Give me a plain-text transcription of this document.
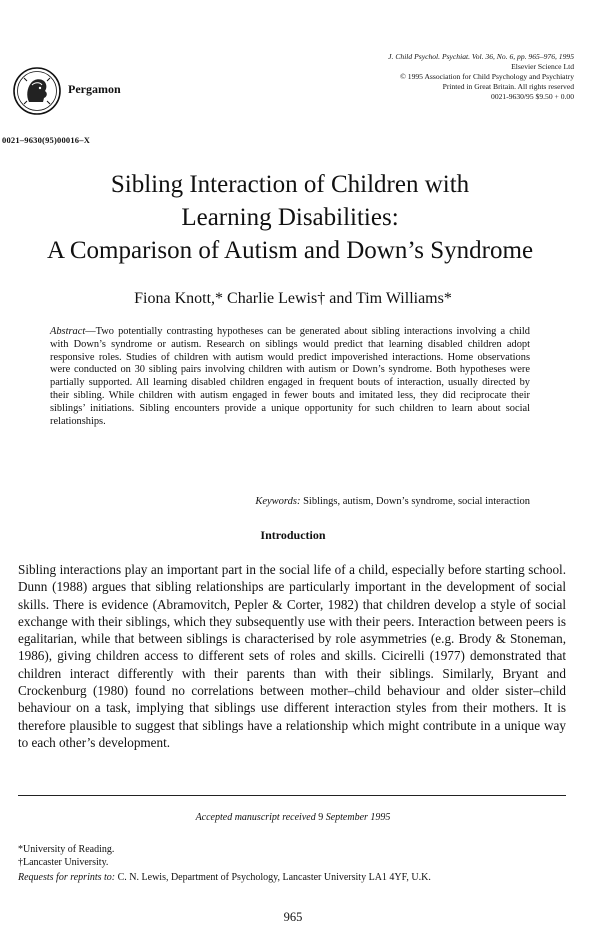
Pergamon
J. Child Psychol. Psychiat. Vol. 36, No. 6, pp. 965–976, 1995
Elsevier Science Ltd
© 1995 Association for Child Psychology and Psychiatry
Printed in Great Britain. All rights reserved
0021-9630/95 $9.50 + 0.00
0021–9630(95)00016–X
Sibling Interaction of Children with
Learning Disabilities:
A Comparison of Autism and Down’s Syndrome
Fiona Knott,* Charlie Lewis† and Tim Williams*
Abstract—Two potentially contrasting hypotheses can be generated about sibling interactions involving a child with Down’s syndrome or autism. Research on siblings would predict that learning disabled children adopt responsive roles. Studies of children with autism would predict impoverished interactions. Home observations were conducted on 30 sibling pairs involving children with autism or Down’s syndrome. Both hypotheses were partially supported. All learning disabled children engaged in frequent bouts of interaction, usually directed by their sibling. While children with autism engaged in fewer bouts and imitated less, they did reciprocate their siblings’ initiations. Sibling encounters provide a unique opportunity for such children to learn about social relationships.
Keywords: Siblings, autism, Down’s syndrome, social interaction
Introduction
Sibling interactions play an important part in the social life of a child, especially before starting school. Dunn (1988) argues that sibling relationships are particularly important in the development of social skills. There is evidence (Abramovitch, Pepler & Corter, 1982) that children develop a style of social exchange with their siblings, which they subsequently use with their peers. Interaction between peers is egalitarian, while that between siblings is characterised by role asymmetries (e.g. Brody & Stoneman, 1986), giving children access to different sets of roles and skills. Cicirelli (1977) demonstrated that children interact differently with their parents than with their siblings. Similarly, Bryant and Crockenburg (1980) found no correlations between mother–child behaviour and older sister–child behaviour on a task, implying that siblings use different interaction styles from their mothers. It is therefore plausible to suggest that siblings have a relationship which might contribute in a unique way to each other’s development.
Accepted manuscript received 9 September 1995
*University of Reading.
†Lancaster University.
Requests for reprints to: C. N. Lewis, Department of Psychology, Lancaster University LA1 4YF, U.K.
965
